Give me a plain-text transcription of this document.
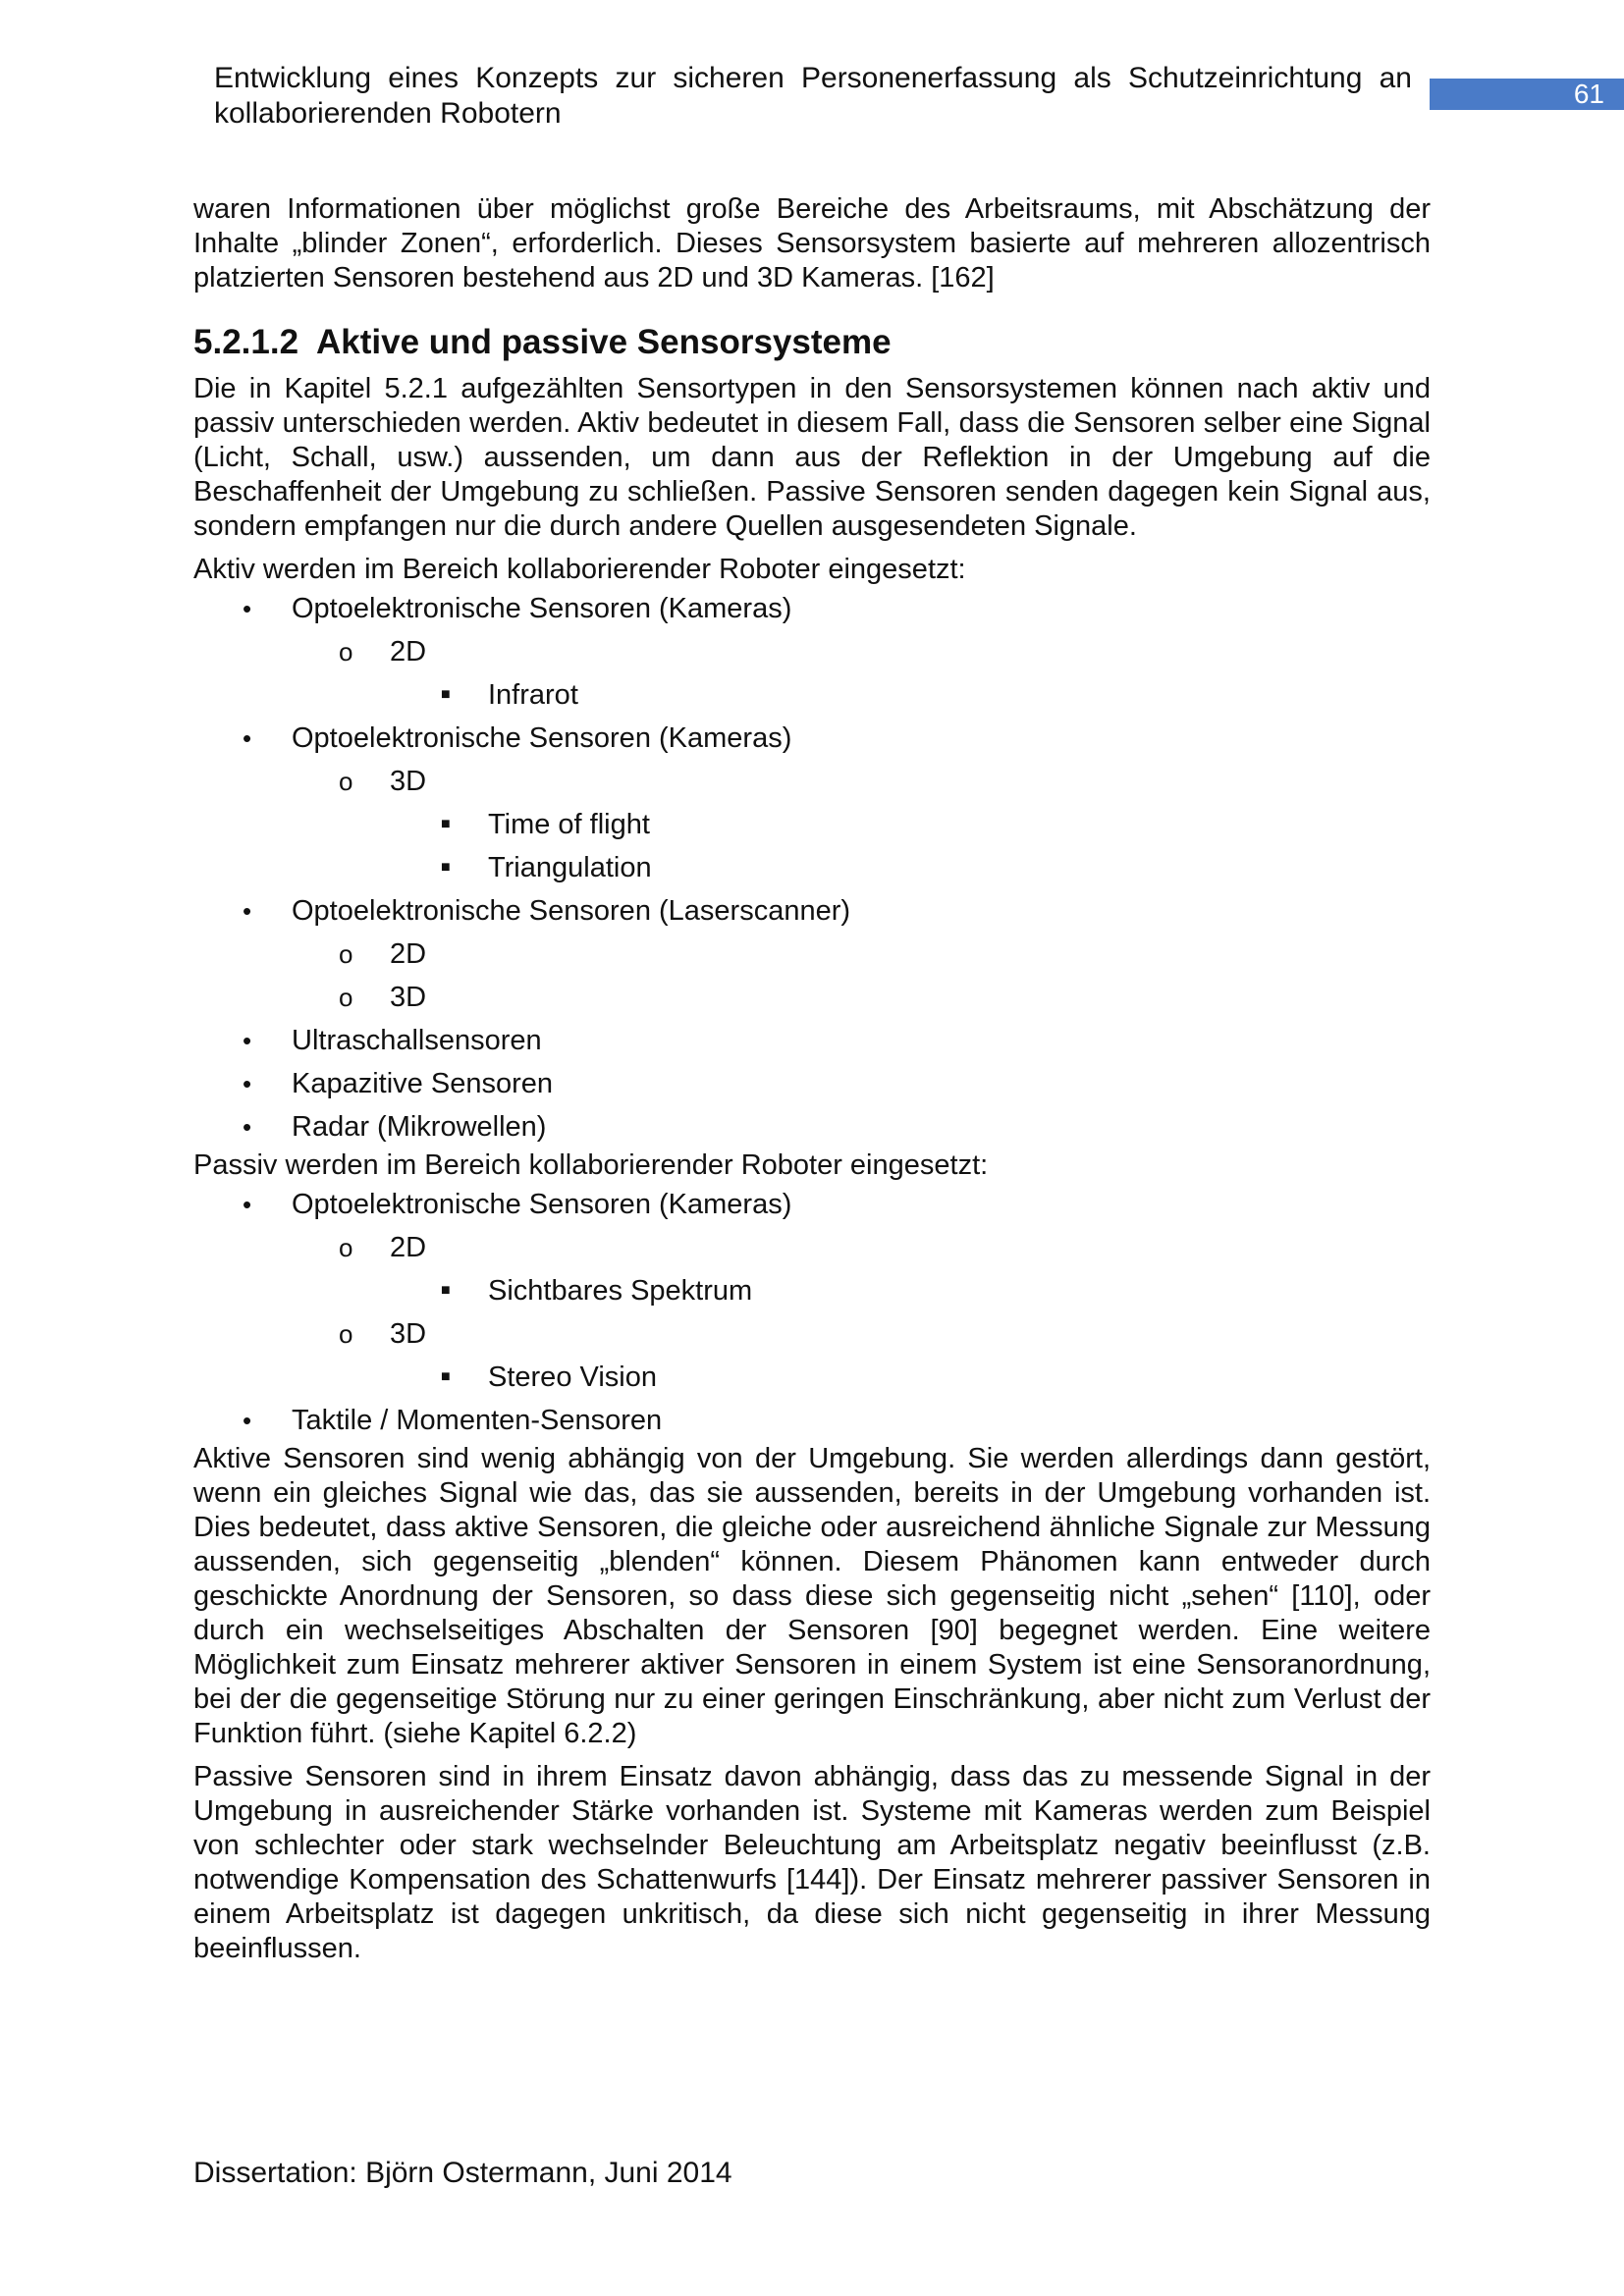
Entwicklung eines Konzepts zur sicheren Personenerfassung als Schutzeinrichtung an
kollaborierenden Robotern
61

waren Informationen über möglichst große Bereiche des Arbeitsraums, mit Abschätzung der Inhalte „blinder Zonen“, erforderlich. Dieses Sensorsystem basierte auf mehreren allozentrisch platzierten Sensoren bestehend aus 2D und 3D Kameras. [162]

5.2.1.2 Aktive und passive Sensorsysteme

Die in Kapitel 5.2.1 aufgezählten Sensortypen in den Sensorsystemen können nach aktiv und passiv unterschieden werden. Aktiv bedeutet in diesem Fall, dass die Sensoren selber eine Signal (Licht, Schall, usw.) aussenden, um dann aus der Reflektion in der Umgebung auf die Beschaffenheit der Umgebung zu schließen. Passive Sensoren senden dagegen kein Signal aus, sondern empfangen nur die durch andere Quellen ausgesendeten Signale.

Aktiv werden im Bereich kollaborierender Roboter eingesetzt:

• Optoelektronische Sensoren (Kameras)
o 2D
■ Infrarot
• Optoelektronische Sensoren (Kameras)
o 3D
■ Time of flight
■ Triangulation
• Optoelektronische Sensoren (Laserscanner)
o 2D
o 3D
• Ultraschallsensoren
• Kapazitive Sensoren
• Radar (Mikrowellen)

Passiv werden im Bereich kollaborierender Roboter eingesetzt:

• Optoelektronische Sensoren (Kameras)
o 2D
■ Sichtbares Spektrum
o 3D
■ Stereo Vision
• Taktile / Momenten-Sensoren

Aktive Sensoren sind wenig abhängig von der Umgebung. Sie werden allerdings dann gestört, wenn ein gleiches Signal wie das, das sie aussenden, bereits in der Umgebung vorhanden ist. Dies bedeutet, dass aktive Sensoren, die gleiche oder ausreichend ähnliche Signale zur Messung aussenden, sich gegenseitig „blenden“ können. Diesem Phänomen kann entweder durch geschickte Anordnung der Sensoren, so dass diese sich gegenseitig nicht „sehen“ [110], oder durch ein wechselseitiges Abschalten der Sensoren [90] begegnet werden. Eine weitere Möglichkeit zum Einsatz mehrerer aktiver Sensoren in einem System ist eine Sensoranordnung, bei der die gegenseitige Störung nur zu einer geringen Einschränkung, aber nicht zum Verlust der Funktion führt. (siehe Kapitel 6.2.2)

Passive Sensoren sind in ihrem Einsatz davon abhängig, dass das zu messende Signal in der Umgebung in ausreichender Stärke vorhanden ist. Systeme mit Kameras werden zum Beispiel von schlechter oder stark wechselnder Beleuchtung am Arbeitsplatz negativ beeinflusst (z.B. notwendige Kompensation des Schattenwurfs [144]). Der Einsatz mehrerer passiver Sensoren in einem Arbeitsplatz ist dagegen unkritisch, da diese sich nicht gegenseitig in ihrer Messung beeinflussen.

Dissertation: Björn Ostermann, Juni 2014
